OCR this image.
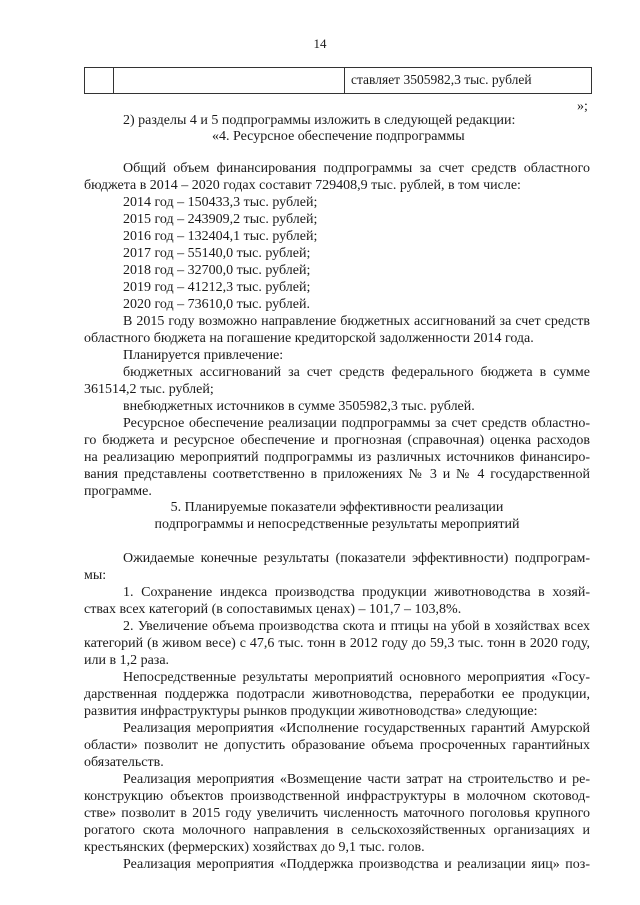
14
ставляет 3505982,3 тыс. рублей
»;
2) разделы 4 и 5 подпрограммы изложить в следующей редакции:
«4. Ресурсное обеспечение подпрограммы
Общий объем финансирования подпрограммы за счет средств областного
бюджета в 2014 – 2020 годах составит 729408,9 тыс. рублей, в том числе:
2014 год – 150433,3 тыс. рублей;
2015 год – 243909,2 тыс. рублей;
2016 год – 132404,1 тыс. рублей;
2017 год – 55140,0 тыс. рублей;
2018 год – 32700,0 тыс. рублей;
2019 год – 41212,3 тыс. рублей;
2020 год – 73610,0 тыс. рублей.
В 2015 году возможно направление бюджетных ассигнований за счет средств
областного бюджета на погашение кредиторской задолженности 2014 года.
Планируется привлечение:
бюджетных ассигнований за счет средств федерального бюджета в сумме
361514,2 тыс. рублей;
внебюджетных источников в сумме 3505982,3 тыс. рублей.
Ресурсное обеспечение реализации подпрограммы за счет средств областно-
го бюджета и ресурсное обеспечение и прогнозная (справочная) оценка расходов
на реализацию мероприятий подпрограммы из различных источников финансиро-
вания представлены соответственно в приложениях № 3 и № 4 государственной
программе.
5. Планируемые показатели эффективности реализации
подпрограммы и непосредственные результаты мероприятий
Ожидаемые конечные результаты (показатели эффективности) подпрограм-
мы:
1. Сохранение индекса производства продукции животноводства в хозяй-
ствах всех категорий (в сопоставимых ценах) – 101,7 – 103,8%.
2. Увеличение объема производства скота и птицы на убой в хозяйствах всех
категорий (в живом весе) с 47,6 тыс. тонн в 2012 году до 59,3 тыс. тонн в 2020 году,
или в 1,2 раза.
Непосредственные результаты мероприятий основного мероприятия «Госу-
дарственная поддержка подотрасли животноводства, переработки ее продукции,
развития инфраструктуры рынков продукции животноводства» следующие:
Реализация мероприятия «Исполнение государственных гарантий Амурской
области» позволит не допустить образование объема просроченных гарантийных
обязательств.
Реализация мероприятия «Возмещение части затрат на строительство и ре-
конструкцию объектов производственной инфраструктуры в молочном скотовод-
стве» позволит в 2015 году увеличить численность маточного поголовья крупного
рогатого скота молочного направления в сельскохозяйственных организациях и
крестьянских (фермерских) хозяйствах до 9,1 тыс. голов.
Реализация мероприятия «Поддержка производства и реализации яиц» поз-
